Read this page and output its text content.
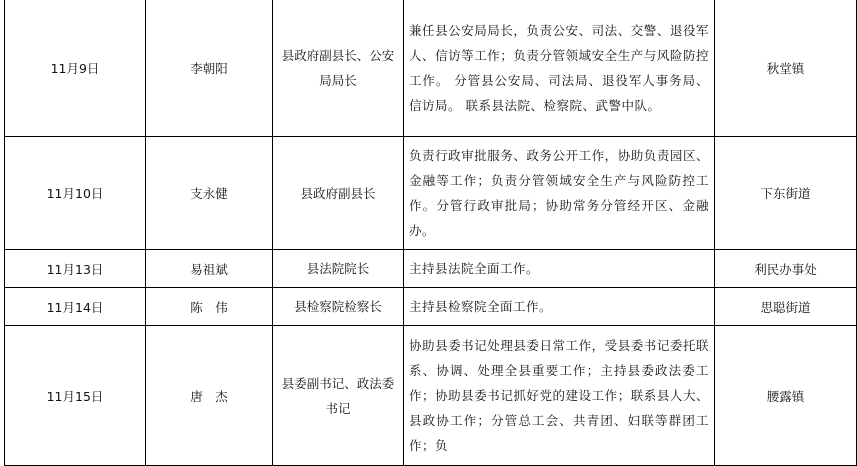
11月9日	李朝阳	县政府副县长、公安局局长	兼任县公安局局长，负责公安、司法、交警、退役军人、信访等工作；负责分管领域安全生产与风险防控工作。 分管县公安局、司法局、退役军人事务局、信访局。 联系县法院、检察院、武警中队。	秋堂镇
11月10日	支永健	县政府副县长	负责行政审批服务、政务公开工作，协助负责园区、金融等工作；负责分管领域安全生产与风险防控工作。分管行政审批局；协助常务分管经开区、金融办。	下东街道
11月13日	易祖斌	县法院院长	主持县法院全面工作。	利民办事处
11月14日	陈　伟	县检察院检察长	主持县检察院全面工作。	思聪街道
11月15日	唐　杰	县委副书记、政法委书记	协助县委书记处理县委日常工作，受县委书记委托联系、协调、处理全县重要工作；主持县委政法委工作；协助县委书记抓好党的建设工作；联系县人大、县政协工作；分管总工会、共青团、妇联等群团工作；负	腰露镇
